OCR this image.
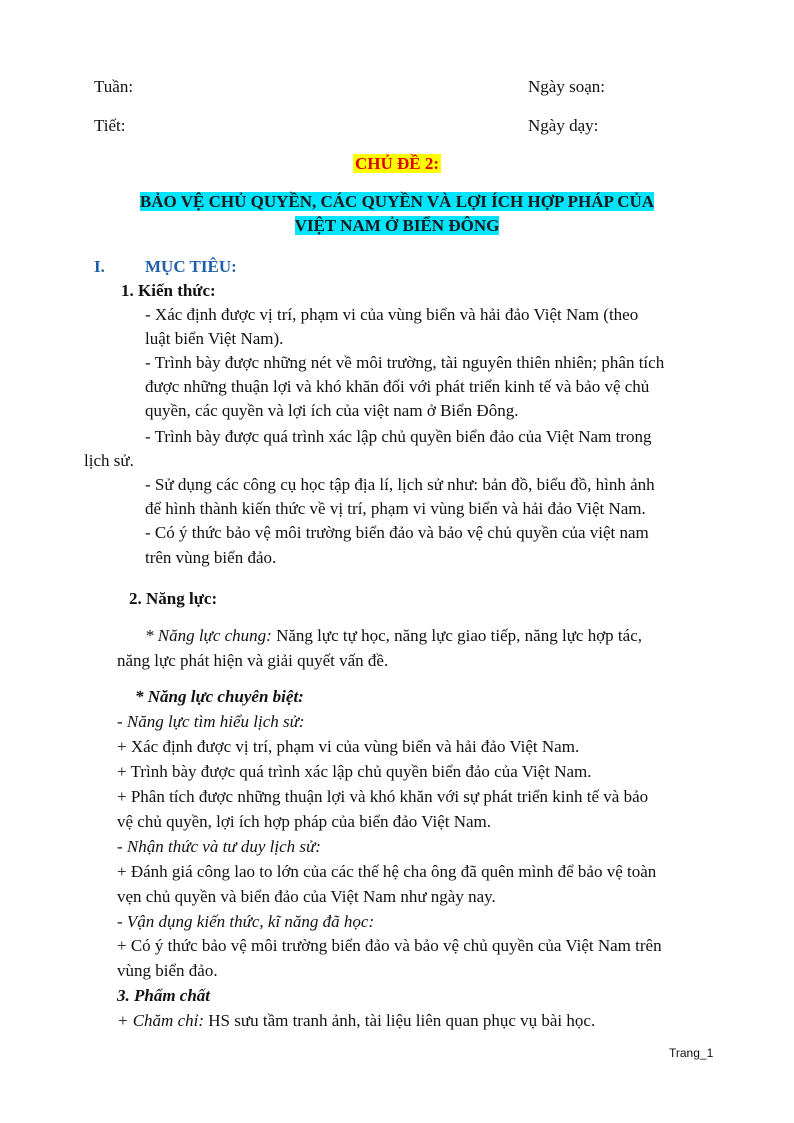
Tuần:	Ngày soạn:
Tiết:	Ngày dạy:
CHỦ ĐỀ 2:
BẢO VỆ CHỦ QUYỀN, CÁC QUYỀN VÀ LỢI ÍCH HỢP PHÁP CỦA
VIỆT NAM Ở BIỂN ĐÔNG
I. MỤC TIÊU:
1. Kiến thức:
- Xác định được vị trí, phạm vi của vùng biển và hải đảo Việt Nam (theo
luật biển Việt Nam).
- Trình bày được những nét về môi trường, tài nguyên thiên nhiên; phân tích
được những thuận lợi và khó khăn đối với phát triển kinh tế và bảo vệ chủ
quyền, các quyền và lợi ích của việt nam ở Biển Đông.
- Trình bày được quá trình xác lập chủ quyền biển đảo của Việt Nam trong
lịch sử.
- Sử dụng các công cụ học tập địa lí, lịch sử như: bản đồ, biểu đồ, hình ảnh
để hình thành kiến thức về vị trí, phạm vi vùng biển và hải đảo Việt Nam.
- Có ý thức bảo vệ môi trường biển đảo và bảo vệ chủ quyền của việt nam
trên vùng biển đảo.
2. Năng lực:
* Năng lực chung: Năng lực tự học, năng lực giao tiếp, năng lực hợp tác,
năng lực phát hiện và giải quyết vấn đề.
* Năng lực chuyên biệt:
- Năng lực tìm hiểu lịch sử:
+ Xác định được vị trí, phạm vi của vùng biển và hải đảo Việt Nam.
+ Trình bày được quá trình xác lập chủ quyền biển đảo của Việt Nam.
+ Phân tích được những thuận lợi và khó khăn với sự phát triển kinh tế và bảo
vệ chủ quyền, lợi ích hợp pháp của biển đảo Việt Nam.
- Nhận thức và tư duy lịch sử:
+ Đánh giá công lao to lớn của các thế hệ cha ông đã quên mình để bảo vệ toàn
vẹn chủ quyền và biển đảo của Việt Nam như ngày nay.
- Vận dụng kiến thức, kĩ năng đã học:
+ Có ý thức bảo vệ môi trường biển đảo và bảo vệ chủ quyền của Việt Nam trên
vùng biển đảo.
3. Phẩm chất
+ Chăm chỉ: HS sưu tầm tranh ảnh, tài liệu liên quan phục vụ bài học.
Trang_1
